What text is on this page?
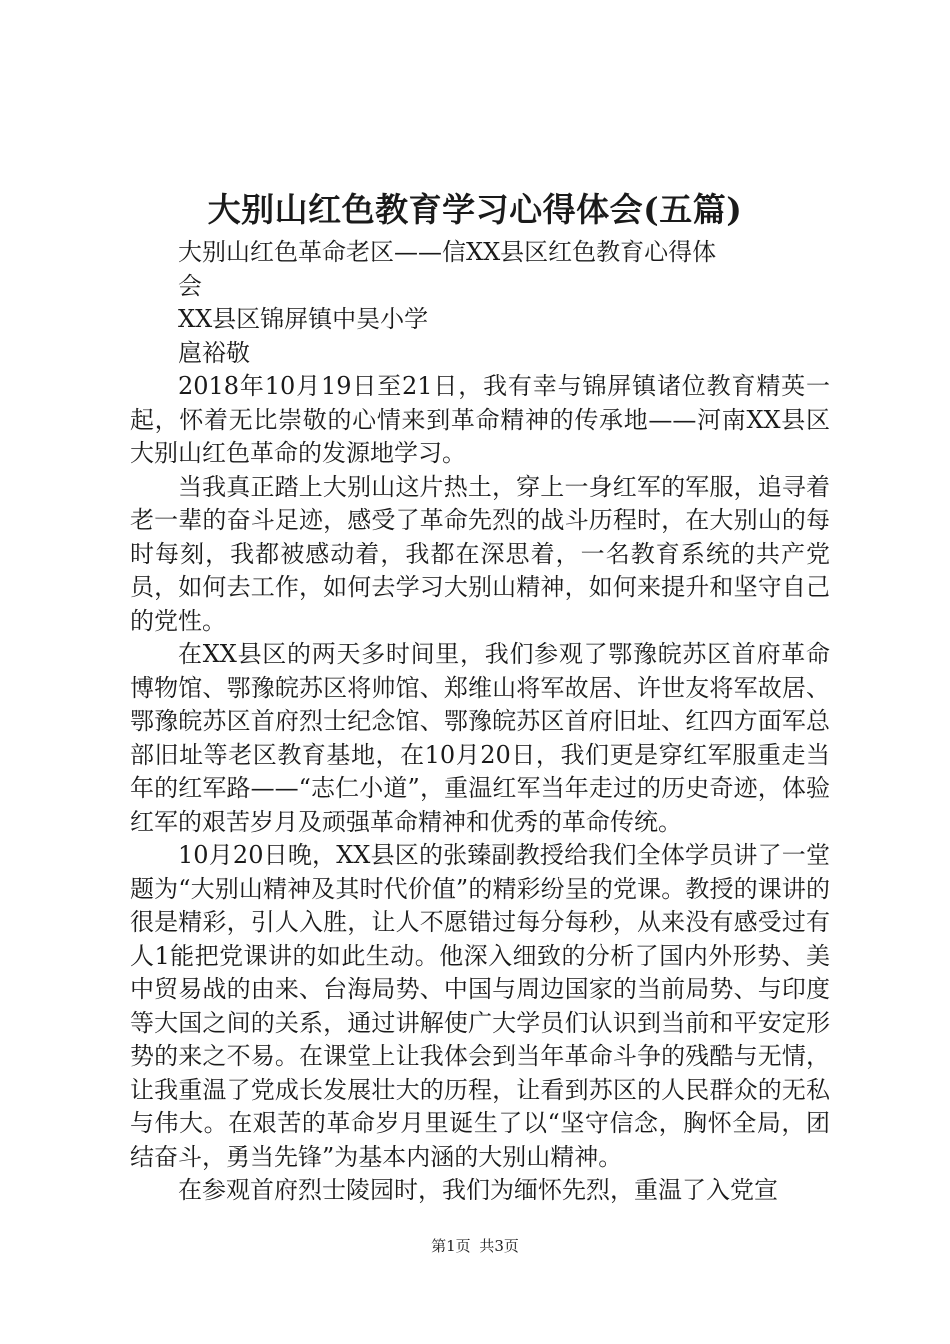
大别山红色教育学习心得体会(五篇)

大别山红色革命老区——信XX县区红色教育心得体会

XX县区锦屏镇中昊小学

扈裕敬

2018年10月19日至21日，我有幸与锦屏镇诸位教育精英一起，怀着无比崇敬的心情来到革命精神的传承地——河南XX县区大别山红色革命的发源地学习。

当我真正踏上大别山这片热土，穿上一身红军的军服，追寻着老一辈的奋斗足迹，感受了革命先烈的战斗历程时，在大别山的每时每刻，我都被感动着，我都在深思着，一名教育系统的共产党员，如何去工作，如何去学习大别山精神，如何来提升和坚守自己的党性。

在XX县区的两天多时间里，我们参观了鄂豫皖苏区首府革命博物馆、鄂豫皖苏区将帅馆、郑维山将军故居、许世友将军故居、鄂豫皖苏区首府烈士纪念馆、鄂豫皖苏区首府旧址、红四方面军总部旧址等老区教育基地，在10月20日，我们更是穿红军服重走当年的红军路——“志仁小道”，重温红军当年走过的历史奇迹，体验红军的艰苦岁月及顽强革命精神和优秀的革命传统。

10月20日晚，XX县区的张臻副教授给我们全体学员讲了一堂题为“大别山精神及其时代价值”的精彩纷呈的党课。教授的课讲的很是精彩，引人入胜，让人不愿错过每分每秒，从来没有感受过有人1能把党课讲的如此生动。他深入细致的分析了国内外形势、美中贸易战的由来、台海局势、中国与周边国家的当前局势、与印度等大国之间的关系，通过讲解使广大学员们认识到当前和平安定形势的来之不易。在课堂上让我体会到当年革命斗争的残酷与无情，让我重温了党成长发展壮大的历程，让看到苏区的人民群众的无私与伟大。在艰苦的革命岁月里诞生了以“坚守信念，胸怀全局，团结奋斗，勇当先锋”为基本内涵的大别山精神。

在参观首府烈士陵园时，我们为缅怀先烈，重温了入党宣

第1页 共3页
